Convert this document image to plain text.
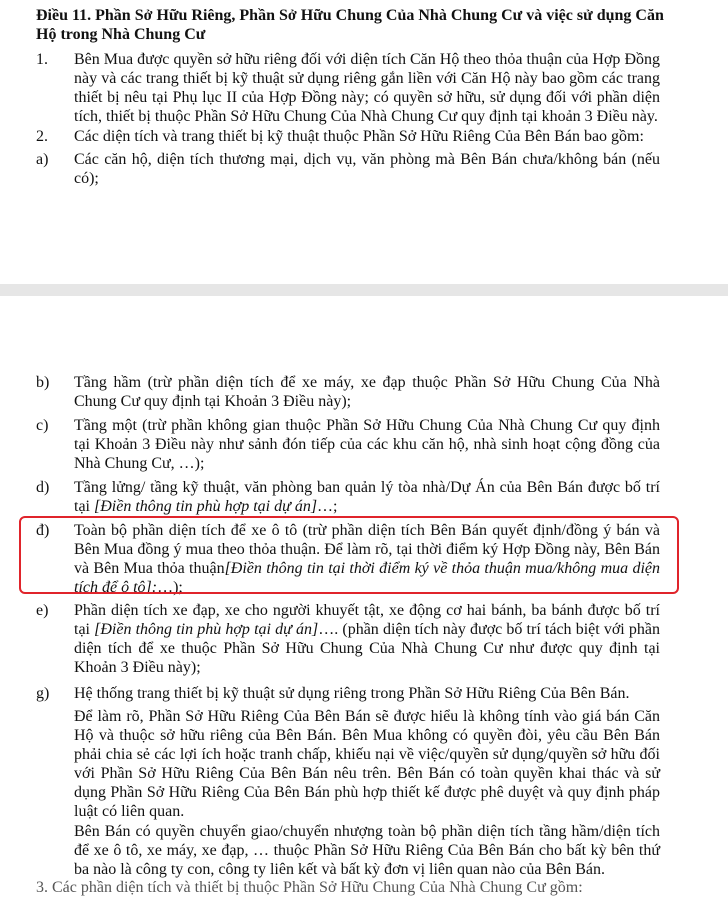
Điều 11. Phần Sở Hữu Riêng, Phần Sở Hữu Chung Của Nhà Chung Cư và việc sử dụng Căn Hộ trong Nhà Chung Cư
1.	Bên Mua được quyền sở hữu riêng đối với diện tích Căn Hộ theo thỏa thuận của Hợp Đồng này và các trang thiết bị kỹ thuật sử dụng riêng gắn liền với Căn Hộ này bao gồm các trang thiết bị nêu tại Phụ lục II của Hợp Đồng này; có quyền sở hữu, sử dụng đối với phần diện tích, thiết bị thuộc Phần Sở Hữu Chung Của Nhà Chung Cư quy định tại khoản 3 Điều này.
2.	Các diện tích và trang thiết bị kỹ thuật thuộc Phần Sở Hữu Riêng Của Bên Bán bao gồm:
a)	Các căn hộ, diện tích thương mại, dịch vụ, văn phòng mà Bên Bán chưa/không bán (nếu có);
b)	Tầng hầm (trừ phần diện tích để xe máy, xe đạp thuộc Phần Sở Hữu Chung Của Nhà Chung Cư quy định tại Khoản 3 Điều này);
c)	Tầng một (trừ phần không gian thuộc Phần Sở Hữu Chung Của Nhà Chung Cư quy định tại Khoản 3 Điều này như sảnh đón tiếp của các khu căn hộ, nhà sinh hoạt cộng đồng của Nhà Chung Cư, …);
d)	Tầng lửng/ tầng kỹ thuật, văn phòng ban quản lý tòa nhà/Dự Án của Bên Bán được bố trí tại [Điền thông tin phù hợp tại dự án]…;
đ)	Toàn bộ phần diện tích để xe ô tô (trừ phần diện tích Bên Bán quyết định/đồng ý bán và Bên Mua đồng ý mua theo thỏa thuận. Để làm rõ, tại thời điểm ký Hợp Đồng này, Bên Bán và Bên Mua thỏa thuận[Điền thông tin tại thời điểm ký về thỏa thuận mua/không mua diện tích để ô tô]:…);
e)	Phần diện tích xe đạp, xe cho người khuyết tật, xe động cơ hai bánh, ba bánh được bố trí tại [Điền thông tin phù hợp tại dự án]…. (phần diện tích này được bố trí tách biệt với phần diện tích để xe thuộc Phần Sở Hữu Chung Của Nhà Chung Cư như được quy định tại Khoản 3 Điều này);
g)	Hệ thống trang thiết bị kỹ thuật sử dụng riêng trong Phần Sở Hữu Riêng Của Bên Bán.
Để làm rõ, Phần Sở Hữu Riêng Của Bên Bán sẽ được hiểu là không tính vào giá bán Căn Hộ và thuộc sở hữu riêng của Bên Bán. Bên Mua không có quyền đòi, yêu cầu Bên Bán phải chia sẻ các lợi ích hoặc tranh chấp, khiếu nại về việc/quyền sử dụng/quyền sở hữu đối với Phần Sở Hữu Riêng Của Bên Bán nêu trên. Bên Bán có toàn quyền khai thác và sử dụng Phần Sở Hữu Riêng Của Bên Bán phù hợp thiết kế được phê duyệt và quy định pháp luật có liên quan.
Bên Bán có quyền chuyển giao/chuyển nhượng toàn bộ phần diện tích tầng hầm/diện tích để xe ô tô, xe máy, xe đạp, … thuộc Phần Sở Hữu Riêng Của Bên Bán cho bất kỳ bên thứ ba nào là công ty con, công ty liên kết và bất kỳ đơn vị liên quan nào của Bên Bán.
3. Các phần diện tích và thiết bị thuộc Phần Sở Hữu Chung Của Nhà Chung Cư gồm:
